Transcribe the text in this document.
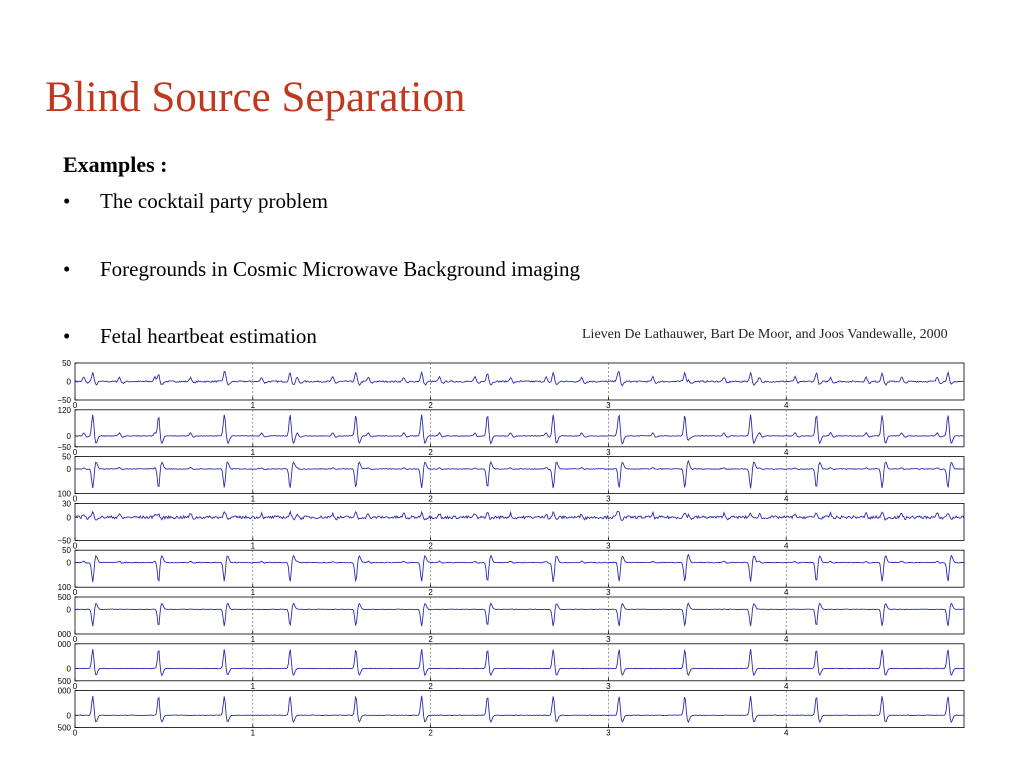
Blind Source Separation
Examples :
• The cocktail party problem
• Foregrounds in Cosmic Microwave Background imaging
• Fetal heartbeat estimation	Lieven De Lathauwer, Bart De Moor, and Joos Vandewalle, 2000
0	1	2	3	4
50
0
−50
0	1	2	3	4
120
0
−50
0	1	2	3	4
50
0
100
0	1	2	3	4
30
0
−50
0	1	2	3	4
50
0
100
0	1	2	3	4
500
0
000
0	1	2	3	4
000
0
500
0	1	2	3	4
000
0
500
